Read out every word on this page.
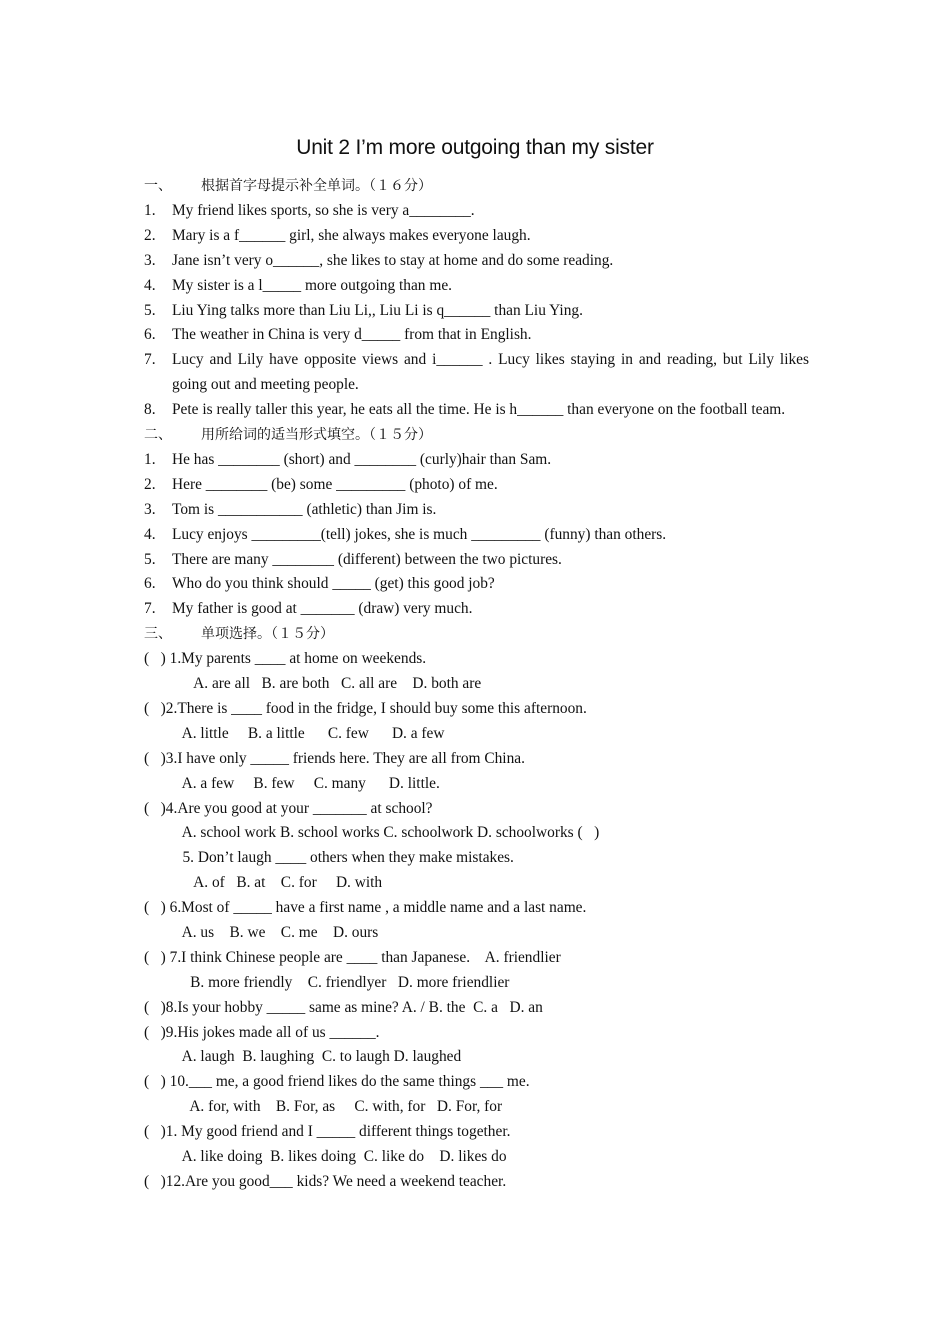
Unit 2 I’m more outgoing than my sister
一、 根据首字母提示补全单词。（１６分）
1.	My friend likes sports, so she is very a________.
2.	Mary is a f______ girl, she always makes everyone laugh.
3.	Jane isn’t very o______, she likes to stay at home and do some reading.
4.	My sister is a l_____ more outgoing than me.
5.	Liu Ying talks more than Liu Li,, Liu Li is q______ than Liu Ying.
6.	The weather in China is very d_____ from that in English.
7.	Lucy and Lily have opposite views and i______ . Lucy likes staying in and reading, but Lily likes going out and meeting people.
8.	Pete is really taller this year, he eats all the time. He is h______ than everyone on the football team.
二、 用所给词的适当形式填空。（１５分）
1.	He has ________ (short) and ________ (curly)hair than Sam.
2.	Here ________ (be) some _________ (photo) of me.
3.	Tom is ___________ (athletic) than Jim is.
4.	Lucy enjoys _________(tell) jokes, she is much _________ (funny) than others.
5.	There are many ________ (different) between the two pictures.
6.	Who do you think should _____ (get) this good job?
7.	My father is good at _______ (draw) very much.
三、 单项选择。（１５分）
(   ) 1.My parents ____ at home on weekends.
A. are all   B. are both   C. all are    D. both are
(   )2.There is ____ food in the fridge, I should buy some this afternoon.
A. little     B. a little      C. few      D. a few
(   )3.I have only _____ friends here. They are all from China.
A. a few     B. few     C. many      D. little.
(   )4.Are you good at your _______ at school?
A. school work B. school works C. schoolwork D. schoolworks (   )
5. Don’t laugh ____ others when they make mistakes.
A. of   B. at    C. for     D. with
(   ) 6.Most of _____ have a first name , a middle name and a last name.
A. us    B. we    C. me    D. ours
(   ) 7.I think Chinese people are ____ than Japanese.    A. friendlier
B. more friendly    C. friendlyer   D. more friendlier
(   )8.Is your hobby _____ same as mine? A. / B. the  C. a   D. an
(   )9.His jokes made all of us ______.
A. laugh  B. laughing  C. to laugh D. laughed
(   ) 10.___ me, a good friend likes do the same things ___ me.
A. for, with    B. For, as     C. with, for   D. For, for
(   )1. My good friend and I _____ different things together.
A. like doing  B. likes doing  C. like do    D. likes do
(   )12.Are you good___ kids? We need a weekend teacher.
